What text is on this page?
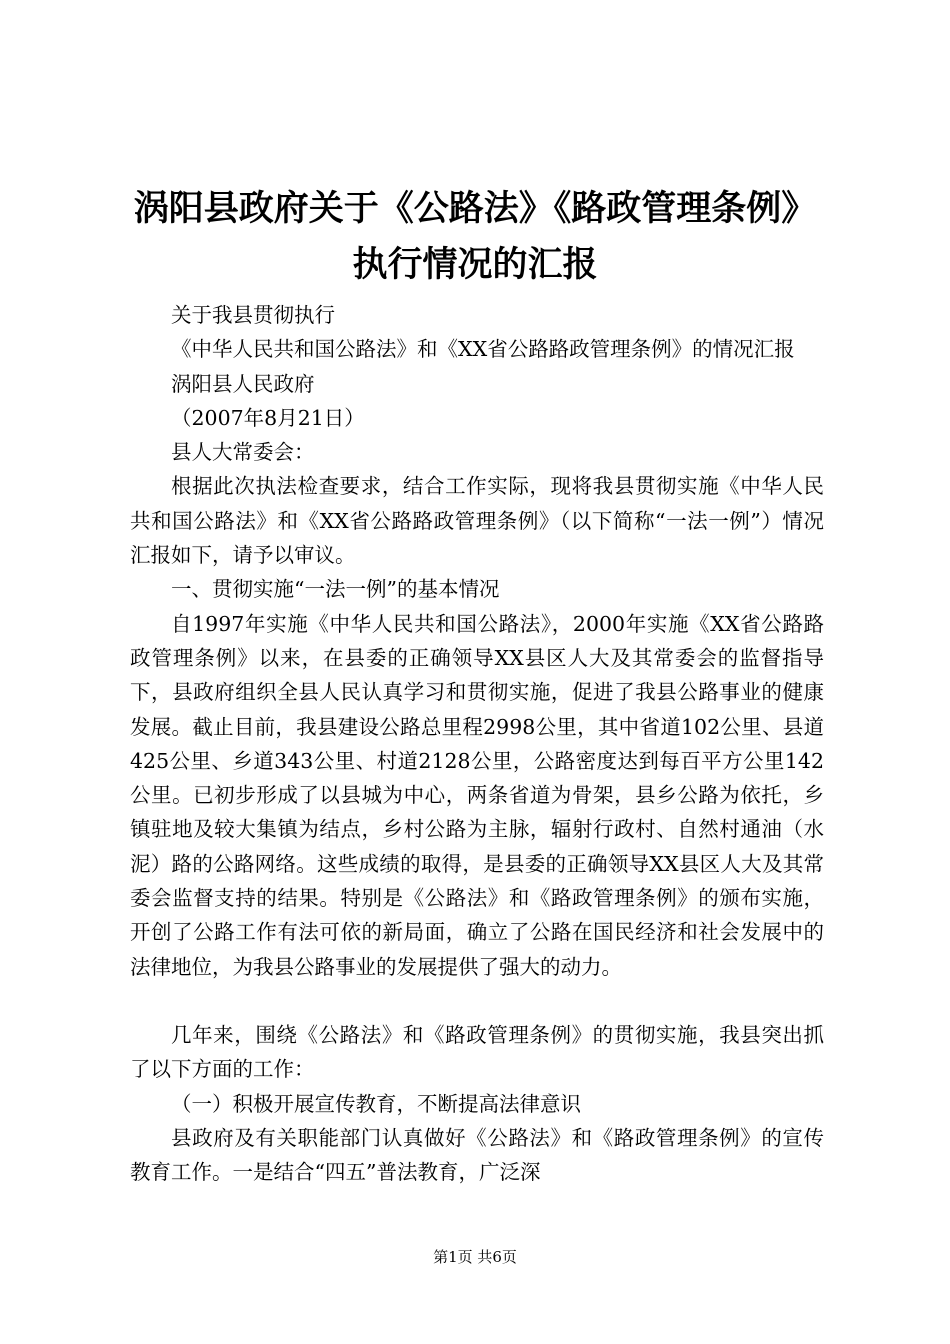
涡阳县政府关于《公路法》《路政管理条例》
执行情况的汇报

关于我县贯彻执行

《中华人民共和国公路法》和《XX省公路路政管理条例》的情况汇报

涡阳县人民政府

（2007年8月21日）

县人大常委会：

根据此次执法检查要求，结合工作实际，现将我县贯彻实施《中华人民共和国公路法》和《XX省公路路政管理条例》（以下简称“一法一例”）情况汇报如下，请予以审议。

一、贯彻实施“一法一例”的基本情况

自1997年实施《中华人民共和国公路法》，2000年实施《XX省公路路政管理条例》以来，在县委的正确领导XX县区人大及其常委会的监督指导下，县政府组织全县人民认真学习和贯彻实施，促进了我县公路事业的健康发展。截止目前，我县建设公路总里程2998公里，其中省道102公里、县道425公里、乡道343公里、村道2128公里，公路密度达到每百平方公里142公里。已初步形成了以县城为中心，两条省道为骨架，县乡公路为依托，乡镇驻地及较大集镇为结点，乡村公路为主脉，辐射行政村、自然村通油（水泥）路的公路网络。这些成绩的取得，是县委的正确领导XX县区人大及其常委会监督支持的结果。特别是《公路法》和《路政管理条例》的颁布实施，开创了公路工作有法可依的新局面，确立了公路在国民经济和社会发展中的法律地位，为我县公路事业的发展提供了强大的动力。

几年来，围绕《公路法》和《路政管理条例》的贯彻实施，我县突出抓了以下方面的工作：

（一）积极开展宣传教育，不断提高法律意识

县政府及有关职能部门认真做好《公路法》和《路政管理条例》的宣传教育工作。一是结合“四五”普法教育，广泛深

第1页 共6页
